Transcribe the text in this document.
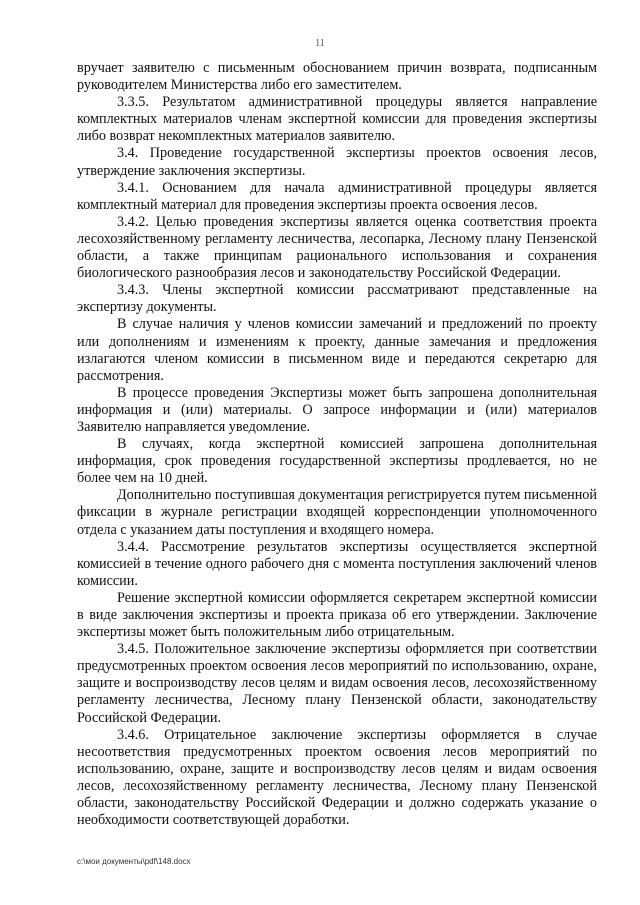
11

вручает заявителю с письменным обоснованием причин возврата, подписанным руководителем Министерства либо его заместителем.

3.3.5. Результатом административной процедуры является направление комплектных материалов членам экспертной комиссии для проведения экспертизы либо возврат некомплектных материалов заявителю.

3.4. Проведение государственной экспертизы проектов освоения лесов, утверждение заключения экспертизы.

3.4.1. Основанием для начала административной процедуры является комплектный материал для проведения экспертизы проекта освоения лесов.

3.4.2. Целью проведения экспертизы является оценка соответствия проекта лесохозяйственному регламенту лесничества, лесопарка, Лесному плану Пензенской области, а также принципам рационального использования и сохранения биологического разнообразия лесов и законодательству Российской Федерации.

3.4.3. Члены экспертной комиссии рассматривают представленные на экспертизу документы.

В случае наличия у членов комиссии замечаний и предложений по проекту или дополнениям и изменениям к проекту, данные замечания и предложения излагаются членом комиссии в письменном виде и передаются секретарю для рассмотрения.

В процессе проведения Экспертизы может быть запрошена дополнительная информация и (или) материалы. О запросе информации и (или) материалов Заявителю направляется уведомление.

В случаях, когда экспертной комиссией запрошена дополнительная информация, срок проведения государственной экспертизы продлевается, но не более чем на 10 дней.

Дополнительно поступившая документация регистрируется путем письменной фиксации в журнале регистрации входящей корреспонденции уполномоченного отдела с указанием даты поступления и входящего номера.

3.4.4. Рассмотрение результатов экспертизы осуществляется экспертной комиссией в течение одного рабочего дня с момента поступления заключений членов комиссии.

Решение экспертной комиссии оформляется секретарем экспертной комиссии в виде заключения экспертизы и проекта приказа об его утверждении. Заключение экспертизы может быть положительным либо отрицательным.

3.4.5. Положительное заключение экспертизы оформляется при соответствии предусмотренных проектом освоения лесов мероприятий по использованию, охране, защите и воспроизводству лесов целям и видам освоения лесов, лесохозяйственному регламенту лесничества, Лесному плану Пензенской области, законодательству Российской Федерации.

3.4.6. Отрицательное заключение экспертизы оформляется в случае несоответствия предусмотренных проектом освоения лесов мероприятий по использованию, охране, защите и воспроизводству лесов целям и видам освоения лесов, лесохозяйственному регламенту лесничества, Лесному плану Пензенской области, законодательству Российской Федерации и должно содержать указание о необходимости соответствующей доработки.

c:\мои документы\pdf\148.docx
